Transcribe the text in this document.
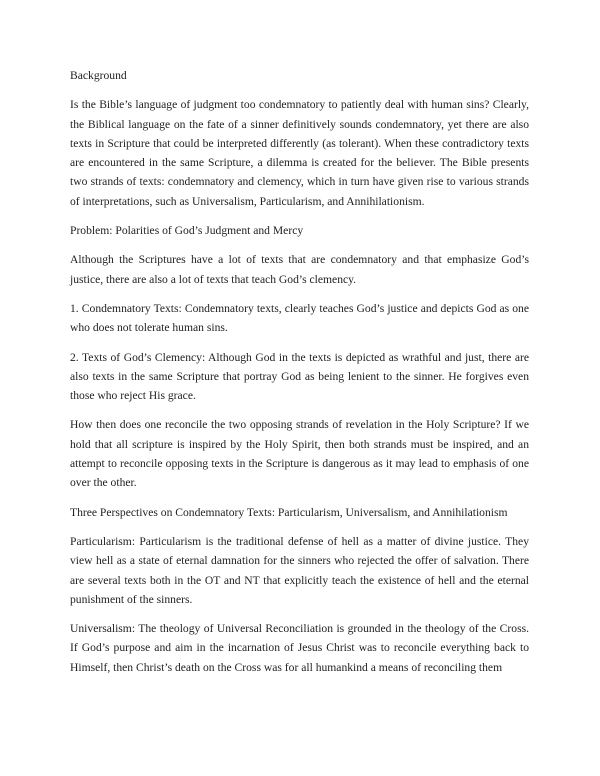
Background

Is the Bible’s language of judgment too condemnatory to patiently deal with human sins? Clearly, the Biblical language on the fate of a sinner definitively sounds condemnatory, yet there are also texts in Scripture that could be interpreted differently (as tolerant). When these contradictory texts are encountered in the same Scripture, a dilemma is created for the believer. The Bible presents two strands of texts: condemnatory and clemency, which in turn have given rise to various strands of interpretations, such as Universalism, Particularism, and Annihilationism.

Problem: Polarities of God’s Judgment and Mercy

Although the Scriptures have a lot of texts that are condemnatory and that emphasize God’s justice, there are also a lot of texts that teach God’s clemency.

1. Condemnatory Texts: Condemnatory texts, clearly teaches God’s justice and depicts God as one who does not tolerate human sins.

2. Texts of God’s Clemency: Although God in the texts is depicted as wrathful and just, there are also texts in the same Scripture that portray God as being lenient to the sinner. He forgives even those who reject His grace.

How then does one reconcile the two opposing strands of revelation in the Holy Scripture? If we hold that all scripture is inspired by the Holy Spirit, then both strands must be inspired, and an attempt to reconcile opposing texts in the Scripture is dangerous as it may lead to emphasis of one over the other.

Three Perspectives on Condemnatory Texts: Particularism, Universalism, and Annihilationism

Particularism: Particularism is the traditional defense of hell as a matter of divine justice. They view hell as a state of eternal damnation for the sinners who rejected the offer of salvation. There are several texts both in the OT and NT that explicitly teach the existence of hell and the eternal punishment of the sinners.

Universalism: The theology of Universal Reconciliation is grounded in the theology of the Cross. If God’s purpose and aim in the incarnation of Jesus Christ was to reconcile everything back to Himself, then Christ’s death on the Cross was for all humankind a means of reconciling them
